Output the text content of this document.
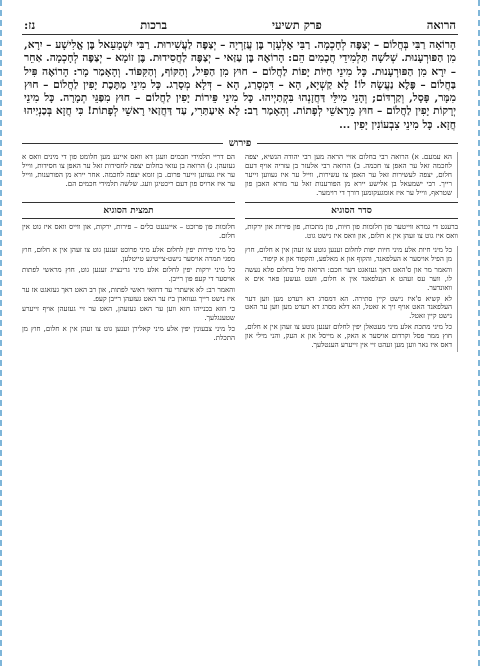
הרואה
פרק תשיעי
ברכות
נז:
הָרוֹאָה רַבִּי בְּחֲלוֹם – יְצַפֶּה לְחָכְמָה. רַבִּי אֶלְעָזָר בֶּן עֲזַרְיָה – יְצַפֶּה לַעֲשִׁירוּת. רַבִּי יִשְׁמָעֵאל בֶּן אֱלִישָׁע – יִרָא, מִן הַפּוּרְעָנוּת. שְׁלֹשָׁה תַּלְמִידֵי חֲכָמִים הֵם: הָרוֹאֶה בֶּן עַזַּאי – יְצַפֶּה לַחֲסִידוּת. בֶּן זוֹמָא – יְצַפֶּה לְחָכְמָה. אַחֵר – יִרָא מִן הַפּוּרְעָנוּת. כָּל מִינֵי חַיּוֹת יָפוֹת לַחֲלוֹם – חוּץ מִן הַפִּיל, וְהַקּוֹף, וְהַקִּפּוֹד. וְהָאָמַר מָר: הָרוֹאֶה פִּיל בַּחֲלוֹם – פֶּלֶא נַעֲשָׂה לוֹ! לָא קַשְׁיָא, הָא – דִּמְסָרַג, הָא – דְּלָא מְסָרַג. כָּל מִינֵי מַתֶּכֶת יָפִין לַחֲלוֹם – חוּץ מִמָּר, פָּסָל, וְקַרְדּוֹם; וְהָנֵי מִילֵּי דַּחֲזָנְהוּ בִּקְתַיְיהוּ. כָּל מִינֵי פֵּירוֹת יָפִין לַחֲלוֹם – חוּץ מִפַּגֵּי תְמָרָה. כָּל מִינֵי יְרָקוֹת יָפִין לַחֲלוֹם – חוּץ מֵרָאשֵׁי לְפָתוֹת. וְהָאָמַר רַב: לָא אִיעַתַּרִי, עַד דַּחֲזַאי רָאשֵׁי לְפָתוֹת! כִּי חֲזָא בְּכַנְיַיהוּ חֲזָא. כָּל מִינֵי צִבְעוֹנִין יָפִין ...
פירוש

הא עמעם. א) הרואה רבי בחלום אזיי הראה מען רבי יהודה הנשיא, יצפה לחכמה זאל ער האפן צו חכמה. ב) הרואה רבי אלעזר בן עזריה אויף דעם חלום, יצפה לעשירות זאל ער האפן צו עשירות, ווייל ער איז געווען זייער רייך. רבי ישמעאל בן אלישע יירא מן הפורענות זאל ער מורא האבן פון שטראף, ווייל ער איז אומגעקומען דורך די רוימער.

הם דריי תלמידי חכמים וועגן דא וואס איינע מען חלומט פון די מינים וואס א געזעהן. ג) הרואה בן עזאי בחלום יצפה לחסידות זאל ער האפן צו חסידות, ווייל ער איז געווען זייער פרום. בן זומא יצפה לחכמה. אחר יירא מן הפורענות, ווייל ער איז ארויס פון דעם ריכטיגן וועג. שלשה תלמידי חכמים הם.

סדר הסוגיא

ברעגט די גמרא ווייטער פון חלומות פון חיות, פון מתכות, פון פירות און ירקות, וואס איז גוט צו זעהן אין א חלום, און וואס איז נישט גוט.

תמצית הסוגיא

חלומות פון פרוכט – איינגעט כלים – פירות, ירקות, און ווייס וואס איז גוט אין חלום.

כל מיני חיות אלע מיני חיות יפות לחלום זענען גוטע צו זעהן אין א חלום, חוץ מן הפיל אויסער א העלפאנד, והקוף און א מאלפע, והקפוד און א קיפוד.

והאמר מר און ס'האט דאך געזאגט דער חכם: הרואה פיל בחלום פלא נעשה לו, ווער עס זעהט א העלפאנד אין א חלום, וועט געשען פאר אים א וואונדער.

לא קשיא ס'איז נישט קיין סתירה. הא דמסרג דא רעדט מען ווען דער העלפאנד האט אויף זיך א זאטל, הא דלא מסרג דא רעדט מען ווען ער האט נישט קיין זאטל.

כל מיני מתכת אלע מיני מעטאלן יפין לחלום זענען גוטע צו זעהן אין א חלום, חוץ ממר פסל וקרדום אויסער א האק, א מייסל און א העק, והני מילי און דאס איז נאר ווען מען זעהט זיי אין זייערע הענטלעך.

כל מיני פירות יפין לחלום אלע מיני פרוכט זענען גוט צו זעהן אין א חלום, חוץ מפגי תמרה אויסער נישט-צייטיגע טייטלען.

כל מיני ירקות יפין לחלום אלע מיני גרינצייג זענען גוט, חוץ מראשי לפתות אויסער די קעפ פון רייבן.

והאמר רב: לא איעתרי עד דחזאי ראשי לפתות, און רב האט דאך געזאגט אז ער איז נישט רייך געווארן ביז ער האט געזעהן רייבן קעפ.

כי חזא בכנייהו חזא ווען ער האט געזעהן, האט ער זיי געזעהן אויף זייערע שטענגלעך.

כל מיני צבעונין יפין אלע מיני קאלירן זענען גוט צו זעהן אין א חלום, חוץ מן התכלת.
